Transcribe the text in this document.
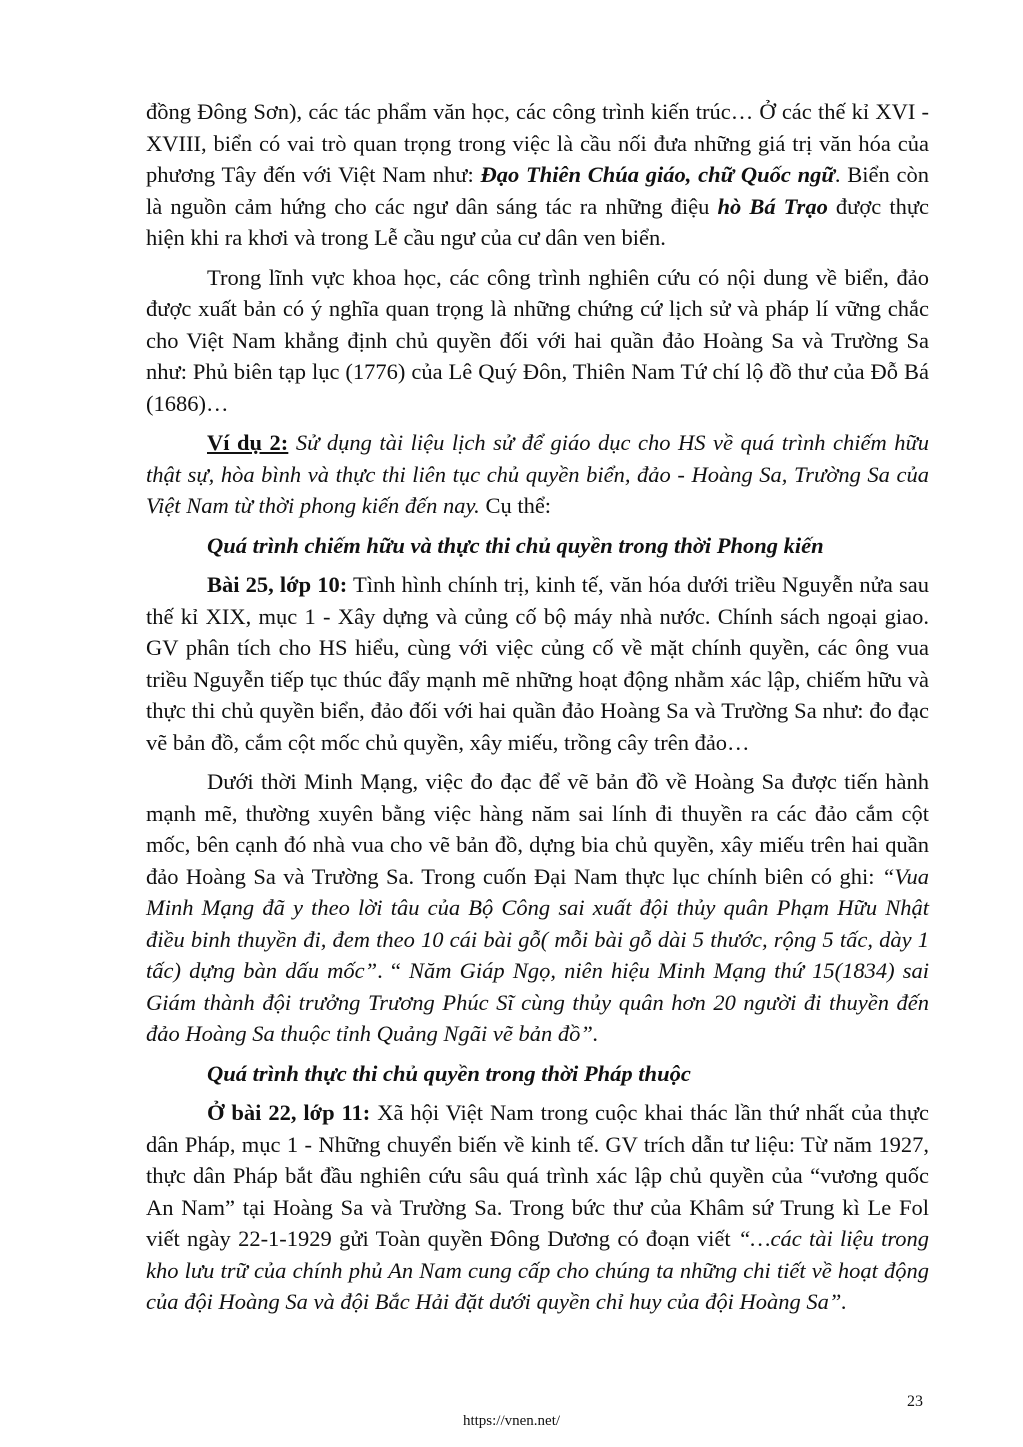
đồng Đông Sơn), các tác phẩm văn học, các công trình kiến trúc… Ở các thế kỉ XVI - XVIII, biển có vai trò quan trọng trong việc là cầu nối đưa những giá trị văn hóa của phương Tây đến với Việt Nam như: Đạo Thiên Chúa giáo, chữ Quốc ngữ. Biển còn là nguồn cảm hứng cho các ngư dân sáng tác ra những điệu hò Bá Trạo được thực hiện khi ra khơi và trong Lễ cầu ngư của cư dân ven biển.

Trong lĩnh vực khoa học, các công trình nghiên cứu có nội dung về biển, đảo được xuất bản có ý nghĩa quan trọng là những chứng cứ lịch sử và pháp lí vững chắc cho Việt Nam khẳng định chủ quyền đối với hai quần đảo Hoàng Sa và Trường Sa như: Phủ biên tạp lục (1776) của Lê Quý Đôn, Thiên Nam Tứ chí lộ đồ thư của Đỗ Bá (1686)…

Ví dụ 2: Sử dụng tài liệu lịch sử để giáo dục cho HS về quá trình chiếm hữu thật sự, hòa bình và thực thi liên tục chủ quyền biển, đảo - Hoàng Sa, Trường Sa của Việt Nam từ thời phong kiến đến nay. Cụ thể:

Quá trình chiếm hữu và thực thi chủ quyền trong thời Phong kiến

Bài 25, lớp 10: Tình hình chính trị, kinh tế, văn hóa dưới triều Nguyễn nửa sau thế kỉ XIX, mục 1 - Xây dựng và củng cố bộ máy nhà nước. Chính sách ngoại giao. GV phân tích cho HS hiểu, cùng với việc củng cố về mặt chính quyền, các ông vua triều Nguyễn tiếp tục thúc đẩy mạnh mẽ những hoạt động nhằm xác lập, chiếm hữu và thực thi chủ quyền biển, đảo đối với hai quần đảo Hoàng Sa và Trường Sa như: đo đạc vẽ bản đồ, cắm cột mốc chủ quyền, xây miếu, trồng cây trên đảo…

Dưới thời Minh Mạng, việc đo đạc để vẽ bản đồ về Hoàng Sa được tiến hành mạnh mẽ, thường xuyên bằng việc hàng năm sai lính đi thuyền ra các đảo cắm cột mốc, bên cạnh đó nhà vua cho vẽ bản đồ, dựng bia chủ quyền, xây miếu trên hai quần đảo Hoàng Sa và Trường Sa. Trong cuốn Đại Nam thực lục chính biên có ghi: “Vua Minh Mạng đã y theo lời tâu của Bộ Công sai xuất đội thủy quân Phạm Hữu Nhật điều binh thuyền đi, đem theo 10 cái bài gỗ( mỗi bài gỗ dài 5 thước, rộng 5 tấc, dày 1 tấc) dựng bàn dấu mốc”. “ Năm Giáp Ngọ, niên hiệu Minh Mạng thứ 15(1834) sai Giám thành đội trưởng Trương Phúc Sĩ cùng thủy quân hơn 20 người đi thuyền đến đảo Hoàng Sa thuộc tỉnh Quảng Ngãi vẽ bản đồ”.

Quá trình thực thi chủ quyền trong thời Pháp thuộc

Ở bài 22, lớp 11: Xã hội Việt Nam trong cuộc khai thác lần thứ nhất của thực dân Pháp, mục 1 - Những chuyển biến về kinh tế. GV trích dẫn tư liệu: Từ năm 1927, thực dân Pháp bắt đầu nghiên cứu sâu quá trình xác lập chủ quyền của “vương quốc An Nam” tại Hoàng Sa và Trường Sa. Trong bức thư của Khâm sứ Trung kì Le Fol viết ngày 22-1-1929 gửi Toàn quyền Đông Dương có đoạn viết “…các tài liệu trong kho lưu trữ của chính phủ An Nam cung cấp cho chúng ta những chi tiết về hoạt động của đội Hoàng Sa và đội Bắc Hải đặt dưới quyền chỉ huy của đội Hoàng Sa”.

23
https://vnen.net/
